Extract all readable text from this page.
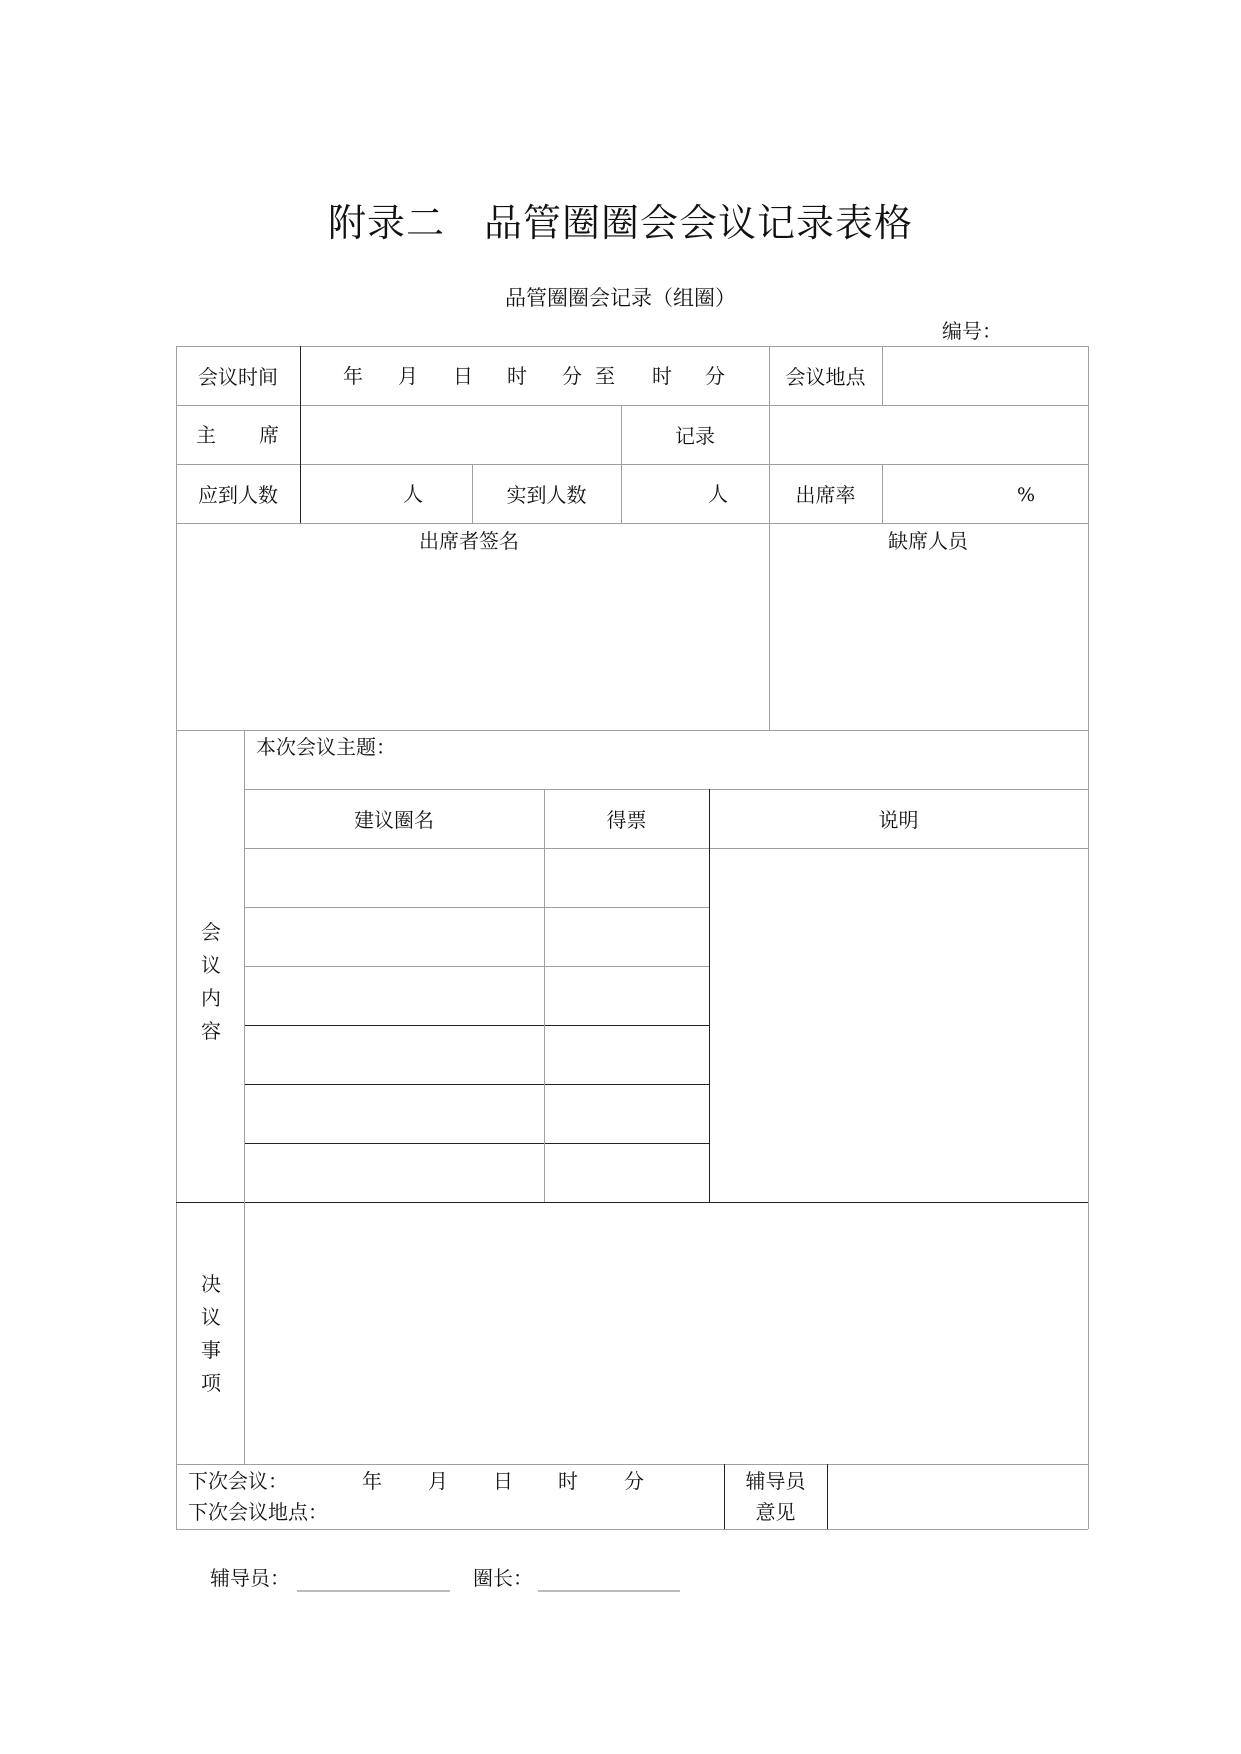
附录二　品管圈圈会会议记录表格
品管圈圈会记录（组圈）
编号：
会议时间	年 月 日 时 分 至 时 分	会议地点
主 席	记录
应到人数	人	实到人数	人	出席率	%
出席者签名	缺席人员
会
议
内
容
本次会议主题：
建议圈名	得票	说明
决
议
事
项
下次会议：	年 月 日 时 分
下次会议地点：
辅导员
意见
辅导员：	圈长：
